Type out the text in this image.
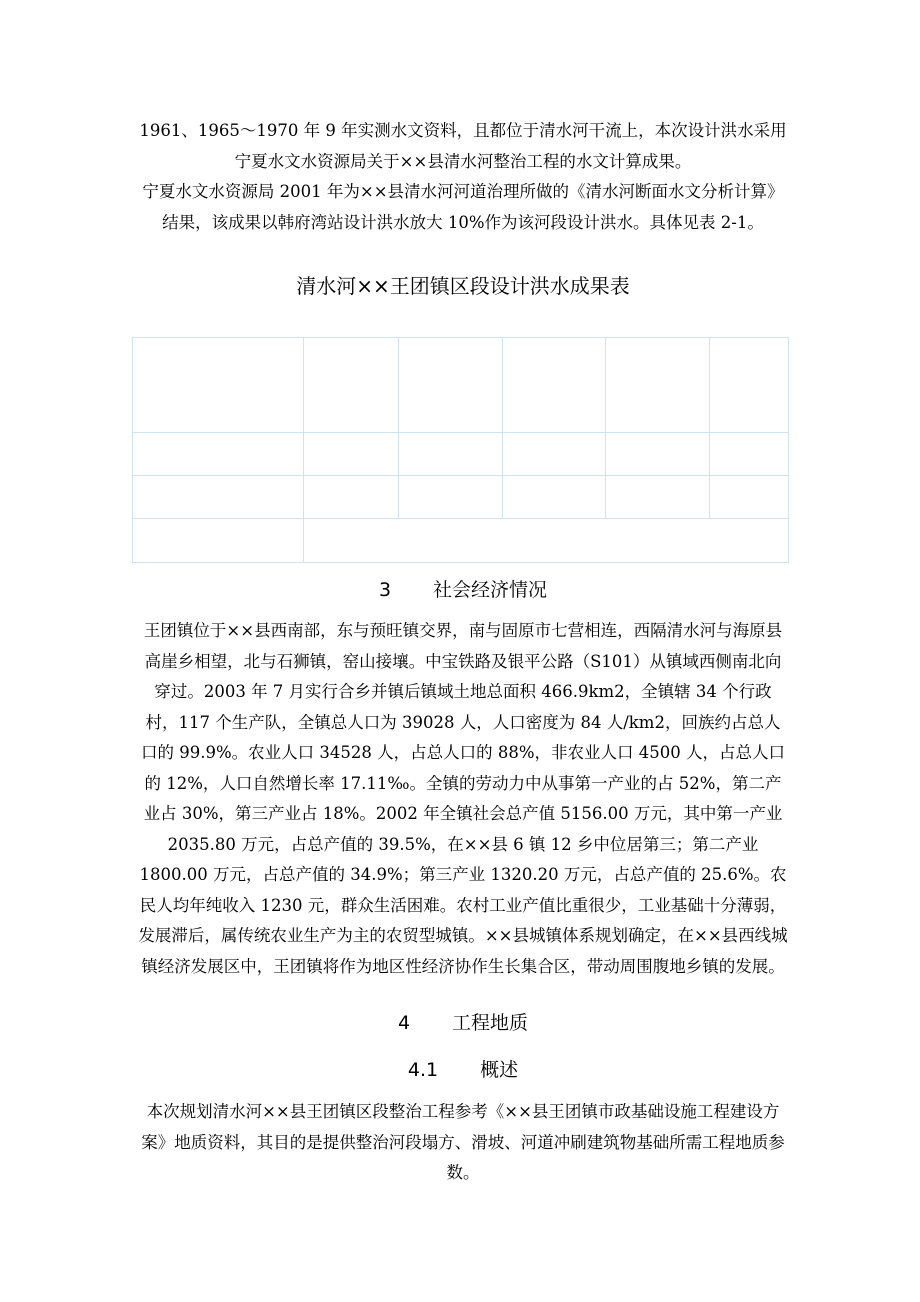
1961、1965～1970 年 9 年实测水文资料，且都位于清水河干流上，本次设计洪水采用宁夏水文水资源局关于××县清水河整治工程的水文计算成果。

宁夏水文水资源局 2001 年为××县清水河河道治理所做的《清水河断面水文分析计算》结果，该成果以韩府湾站设计洪水放大 10%作为该河段设计洪水。具体见表 2-1。

清水河××王团镇区段设计洪水成果表

3 社会经济情况

王团镇位于××县西南部，东与预旺镇交界，南与固原市七营相连，西隔清水河与海原县高崖乡相望，北与石狮镇，窑山接壤。中宝铁路及银平公路（S101）从镇域西侧南北向穿过。2003 年 7 月实行合乡并镇后镇域土地总面积 466.9km2，全镇辖 34 个行政村，117 个生产队，全镇总人口为 39028 人，人口密度为 84 人/km2，回族约占总人口的 99.9%。农业人口 34528 人，占总人口的 88%，非农业人口 4500 人，占总人口的 12%，人口自然增长率 17.11‰。全镇的劳动力中从事第一产业的占 52%，第二产业占 30%，第三产业占 18%。2002 年全镇社会总产值 5156.00 万元，其中第一产业 2035.80 万元，占总产值的 39.5%，在××县 6 镇 12 乡中位居第三；第二产业 1800.00 万元，占总产值的 34.9%；第三产业 1320.20 万元，占总产值的 25.6%。农民人均年纯收入 1230 元，群众生活困难。农村工业产值比重很少，工业基础十分薄弱，发展滞后，属传统农业生产为主的农贸型城镇。××县城镇体系规划确定，在××县西线城镇经济发展区中，王团镇将作为地区性经济协作生长集合区，带动周围腹地乡镇的发展。

4 工程地质
4.1 概述

本次规划清水河××县王团镇区段整治工程参考《××县王团镇市政基础设施工程建设方案》地质资料，其目的是提供整治河段塌方、滑坡、河道冲刷建筑物基础所需工程地质参数。
